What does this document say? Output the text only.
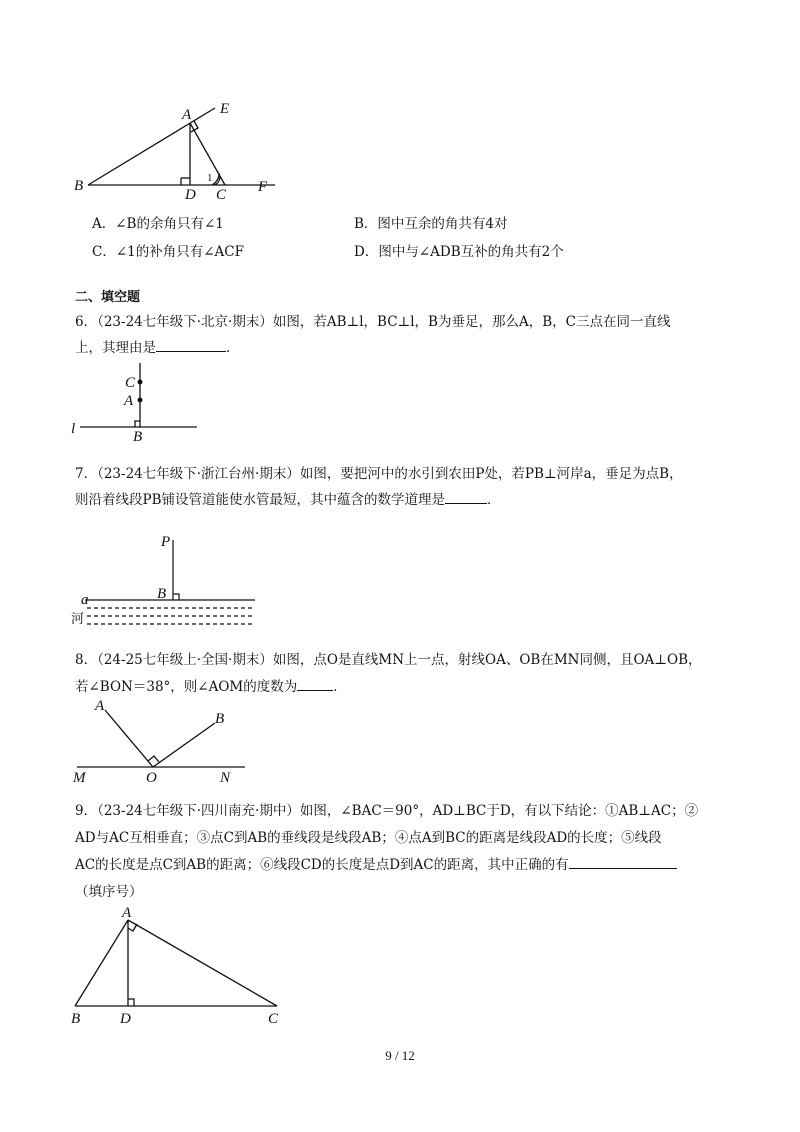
A E
B
D C F
1
A．∠B的余角只有∠1	B．图中互余的角共有4对
C．∠1的补角只有∠ACF	D．图中与∠ADB互补的角共有2个
二、填空题
6．（23-24七年级下·北京·期末）如图，若AB⊥l，BC⊥l，B为垂足，那么A，B，C三点在同一直线
上，其理由是	．
C
A
l	B
7．（23-24七年级下·浙江台州·期末）如图，要把河中的水引到农田P处，若PB⊥河岸a，垂足为点B，
则沿着线段PB铺设管道能使水管最短，其中蕴含的数学道理是	．
P
B
a
河
8．（24-25七年级上·全国·期末）如图，点O是直线MN上一点，射线OA、OB在MN同侧，且OA⊥OB，
若∠BON＝38°，则∠AOM的度数为	．
A
B
M	O	N
9．（23-24七年级下·四川南充·期中）如图，∠BAC＝90°，AD⊥BC于D，有以下结论：①AB⊥AC；②
AD与AC互相垂直；③点C到AB的垂线段是线段AB；④点A到BC的距离是线段AD的长度；⑤线段
AC的长度是点C到AB的距离；⑥线段CD的长度是点D到AC的距离，其中正确的有
（填序号）
A
B	D	C
9 / 12
